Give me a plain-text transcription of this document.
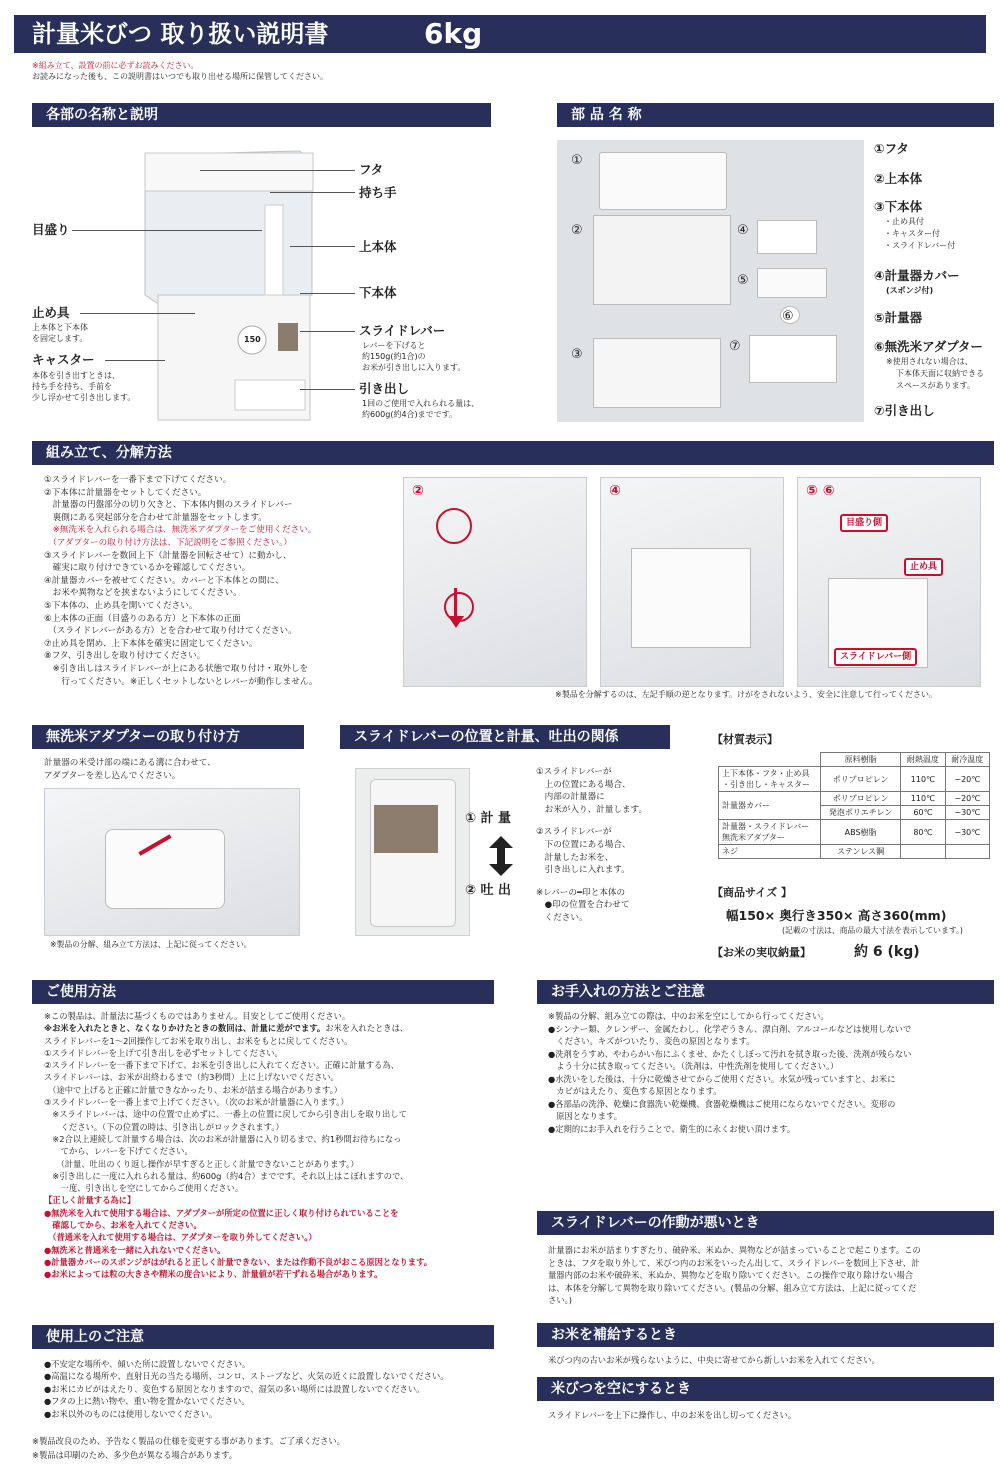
計量米びつ 取り扱い説明書	6kg
※組み立て、設置の前に必ずお読みください。
お読みになった後も、この説明書はいつでも取り出せる場所に保管してください。
各部の名称と説明
150
フタ
持ち手
目盛り
上本体
下本体
止め具
上本体と下本体
を固定します。
キャスター
本体を引き出すときは、
持ち手を持ち、手前を
少し浮かせて引き出します。
スライドレバー
レバーを下げると
約150g(約1合)の
お米が引き出しに入ります。
引き出し
1回のご使用で入れられる量は、
約600g(約4合)までです。
部 品 名 称
①
②	④
⑤
⑥
③
⑦
①フタ
②上本体
③下本体
・止め具付
・キャスター付
・スライドレバー付
④計量器カバー
(スポンジ付)
⑤計量器
⑥無洗米アダプター
※使用されない場合は、
下本体天面に収納できる
スペースがあります。
⑦引き出し
組み立て、分解方法
①スライドレバーを一番下まで下げてください。
②下本体に計量器をセットしてください。
　計量器の円盤部分の切り欠きと、下本体内側のスライドレバー
　裏側にある突起部分を合わせて計量器をセットします。
　※無洗米を入れられる場合は、無洗米アダプターをご使用ください。
　（アダプターの取り付け方法は、下記説明をご参照ください。）
③スライドレバーを数回上下（計量器を回転させて）に動かし、
　確実に取り付けできているかを確認してください。
④計量器カバーを被せてください。カバーと下本体との間に、
　お米や異物などを挟まないようにしてください。
⑤下本体の、止め具を開いてください。
⑥上本体の正面（目盛りのある方）と下本体の正面
　（スライドレバーがある方）とを合わせて取り付けてください。
⑦止め具を閉め、上下本体を確実に固定してください。
⑧フタ、引き出しを取り付けてください。
　※引き出しはスライドレバーが上にある状態で取り付け・取外しを
　　行ってください。※正しくセットしないとレバーが動作しません。
②	④	⑤ ⑥
目盛り側
止め具
スライドレバー側
※製品を分解するのは、左記手順の逆となります。けがをされないよう、安全に注意して行ってください。
無洗米アダプターの取り付け方
計量器の米受け部の端にある溝に合わせて、
アダプターを差し込んでください。
※製品の分解、組み立て方法は、上記に従ってください。
スライドレバーの位置と計量、吐出の関係
① 計 量
② 吐 出
①スライドレバーが
　上の位置にある場合、
　内部の計量器に
　お米が入り、計量します。
②スライドレバーが
　下の位置にある場合、
　計量したお米を、
　引き出しに入れます。
※レバーの━印と本体の
　●印の位置を合わせて
　ください。
【材質表示】
	原料樹脂	耐熱温度	耐冷温度

上下本体・フタ・止め具
・引き出し・キャスター	ポリプロピレン	110℃	−20℃
計量器カバー	ポリプロピレン	110℃	−20℃
	発泡ポリエチレン	60℃	−30℃

計量器・スライドレバー
無洗米アダプター	ABS樹脂	80℃	−30℃
ネジ	ステンレス鋼		
【商品サイズ 】
幅150× 奥行き350× 高さ360(mm)
(記載の寸法は、商品の最大寸法を表示しています。)
【お米の実収納量】	約 6 (kg)
ご使用方法
※この製品は、計量法に基づくものではありません。目安としてご使用ください。
※お米を入れたときと、なくなりかけたときの数回は、計量に差がでます。お米を入れたときは、
スライドレバーを1〜2回操作してお米を取り出し、お米をもとに戻してください。
①スライドレバーを上げて引き出しを必ずセットしてください。
②スライドレバーを一番下まで下げて、お米を引き出しに入れてください。正確に計量する為、
スライドレバーは、お米が出終わるまで（約3秒間）上に上げないでください。
　（途中で上げると正確に計量できなかったり、お米が詰まる場合があります。）
③スライドレバーを一番上まで上げてください。（次のお米が計量器に入ります。）
　※スライドレバーは、途中の位置で止めずに、一番上の位置に戻してから引き出しを取り出して
　　ください。（下の位置の時は、引き出しがロックされます。）
　※2合以上連続して計量する場合は、次のお米が計量器に入り切るまで、約1秒間お待ちになっ
　　てから、レバーを下げてください。
　　（計量、吐出のくり返し操作が早すぎると正しく計量できないことがあります。）
　※引き出しに一度に入れられる量は、約600g（約4合）までです。それ以上はこぼれますので、
　　一度、引き出しを空にしてからご使用ください。
【正しく計量する為に】
●無洗米を入れて使用する場合は、アダプターが所定の位置に正しく取り付けられていることを
　確認してから、お米を入れてください。
　（普通米を入れて使用する場合は、アダプターを取り外してください。）
●無洗米と普通米を一緒に入れないでください。
●計量器カバーのスポンジがはがれると正しく計量できない、または作動不良がおこる原因となります。
●お米によっては粒の大きさや精米の度合いにより、計量値が若干ずれる場合があります。
使用上のご注意
●不安定な場所や、傾いた所に設置しないでください。
●高温になる場所や、直射日光の当たる場所、コンロ、ストーブなど、火気の近くに設置しないでください。
●お米にカビがはえたり、変色する原因となりますので、湿気の多い場所には設置しないでください。
●フタの上に熱い物や、重い物を置かないでください。
●お米以外のものには使用しないでください。
※製品改良のため、予告なく製品の仕様を変更する事があります。ご了承ください。
※製品は印刷のため、多少色が異なる場合があります。
お手入れの方法とご注意
※製品の分解、組み立ての際は、中のお米を空にしてから行ってください。
●シンナー類、クレンザー、金属たわし、化学ぞうきん、漂白剤、アルコールなどは使用しないで
　ください。キズがついたり、変色の原因となります。
●洗剤をうすめ、やわらかい布にふくませ、かたくしぼって汚れを拭き取った後、洗剤が残らない
　よう十分に拭き取ってください。（洗剤は、中性洗剤を使用してください。）
●水洗いをした後は、十分に乾燥させてからご使用ください。水気が残っていますと、お米に
　カビがはえたり、変色する原因となります。
●各部品の洗浄、乾燥に食器洗い乾燥機、食器乾燥機はご使用にならないでください。変形の
　原因となります。
●定期的にお手入れを行うことで、衛生的に永くお使い頂けます。
スライドレバーの作動が悪いとき
計量器にお米が詰まりすぎたり、破砕米、米ぬか、異物などが詰まっていることで起こります。この
ときは、フタを取り外して、米びつ内のお米をいったん出して、スライドレバーを数回上下させ、計
量器内部のお米や破砕米、米ぬか、異物などを取り除いてください。この操作で取り除けない場合
は、本体を分解して異物を取り除いてください。(製品の分解、組み立て方法は、上記に従ってくだ
さい。)
お米を補給するとき
米びつ内の古いお米が残らないように、中央に寄せてから新しいお米を入れてください。
米びつを空にするとき
スライドレバーを上下に操作し、中のお米を出し切ってください。
